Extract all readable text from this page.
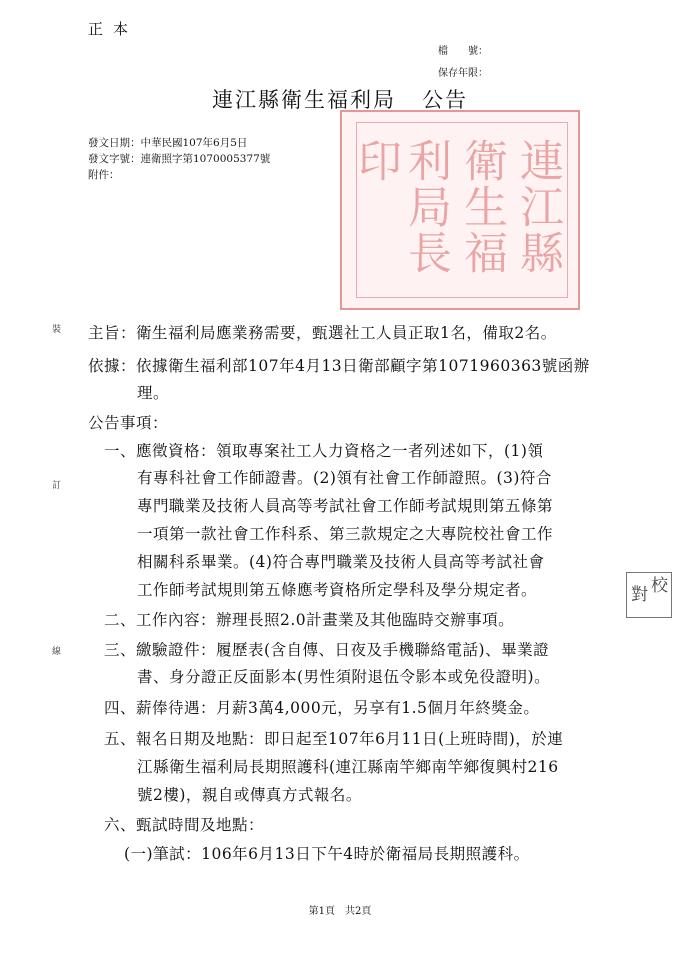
正本
檔　　號：
保存年限：
連江縣衛生福利局 公告
連江縣
衛生福
利局長
印
發文日期：中華民國107年6月5日
發文字號：連衛照字第1070005377號
附件：
裝
訂
線
校
對
主旨：衛生福利局應業務需要，甄選社工人員正取1名，備取2名。
依據：依據衛生福利部107年4月13日衛部顧字第1071960363號函辦
理。
公告事項：
一、應徵資格：領取專案社工人力資格之一者列述如下，(1)領
有專科社會工作師證書。(2)領有社會工作師證照。(3)符合
專門職業及技術人員高等考試社會工作師考試規則第五條第
一項第一款社會工作科系、第三款規定之大專院校社會工作
相關科系畢業。(4)符合專門職業及技術人員高等考試社會
工作師考試規則第五條應考資格所定學科及學分規定者。
二、工作內容：辦理長照2.0計畫業及其他臨時交辦事項。
三、繳驗證件：履歷表(含自傳、日夜及手機聯絡電話)、畢業證
書、身分證正反面影本(男性須附退伍令影本或免役證明)。
四、薪俸待遇：月薪3萬4,000元，另享有1.5個月年終獎金。
五、報名日期及地點：即日起至107年6月11日(上班時間)，於連
江縣衛生福利局長期照護科(連江縣南竿鄉南竿鄉復興村216
號2樓)，親自或傳真方式報名。
六、甄試時間及地點：
(一)筆試：106年6月13日下午4時於衛福局長期照護科。
第1頁 共2頁
